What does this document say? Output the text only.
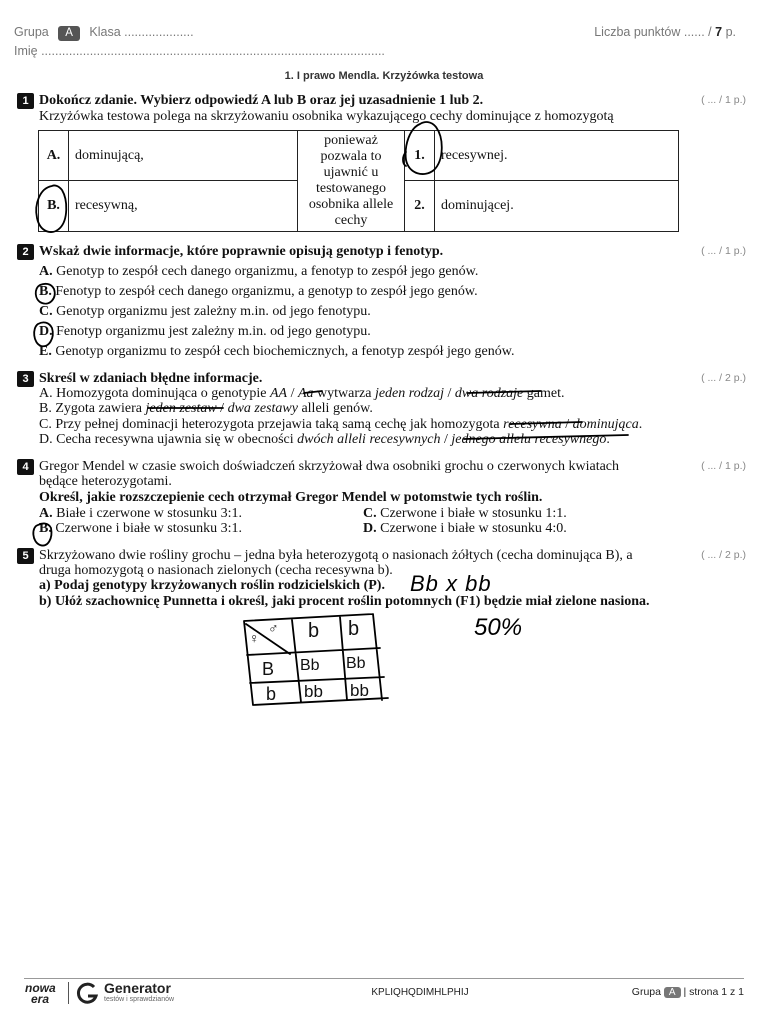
Grupa A Klasa ....................	Liczba punktów ...... / 7 p.
Imię ...................................................................................................
1. I prawo Mendla. Krzyżówka testowa
1 Dokończ zdanie. Wybierz odpowiedź A lub B oraz jej uzasadnienie 1 lub 2.	( ... / 1 p.)
Krzyżówka testowa polega na skrzyżowaniu osobnika wykazującego cechy dominujące z homozygotą
A.	dominującą,	ponieważ pozwala to ujawnić u testowanego osobnika allele cechy	1.	recesywnej.
B.	recesywną,		2.	dominującej.
2 Wskaż dwie informacje, które poprawnie opisują genotyp i fenotyp.	( ... / 1 p.)
A. Genotyp to zespół cech danego organizmu, a fenotyp to zespół jego genów.
B. Fenotyp to zespół cech danego organizmu, a genotyp to zespół jego genów.
C. Genotyp organizmu jest zależny m.in. od jego fenotypu.
D. Fenotyp organizmu jest zależny m.in. od jego genotypu.
E. Genotyp organizmu to zespół cech biochemicznych, a fenotyp zespół jego genów.
3 Skreśl w zdaniach błędne informacje.	( ... / 2 p.)
A. Homozygota dominująca o genotypie AA / Aa wytwarza jeden rodzaj / dwa rodzaje gamet.
B. Zygota zawiera jeden zestaw / dwa zestawy alleli genów.
C. Przy pełnej dominacji heterozygota przejawia taką samą cechę jak homozygota recesywna / dominująca.
D. Cecha recesywna ujawnia się w obecności dwóch alleli recesywnych / jednego allelu recesywnego.
4 Gregor Mendel w czasie swoich doświadczeń skrzyżował dwa osobniki grochu o czerwonych kwiatach	( ... / 1 p.)
będące heterozygotami.
Określ, jakie rozszczepienie cech otrzymał Gregor Mendel w potomstwie tych roślin.
A. Białe i czerwone w stosunku 3:1.
B. Czerwone i białe w stosunku 3:1.
C. Czerwone i białe w stosunku 1:1.
D. Czerwone i białe w stosunku 4:0.
5 Skrzyżowano dwie rośliny grochu – jedna była heterozygotą o nasionach żółtych (cecha dominująca B), a	( ... / 2 p.)
druga homozygotą o nasionach zielonych (cecha recesywna b).
a) Podaj genotypy krzyżowanych roślin rodzicielskich (P).
b) Ułóż szachownicę Punnetta i określ, jaki procent roślin potomnych (F1) będzie miał zielone nasiona.
Bb x bb
50%
♀
♂ b b
B Bb Bb
b bb bb
nowa
era
Generator
testów i sprawdzianów
KPLIQHQDIMHLPHIJ	Grupa A | strona 1 z 1
